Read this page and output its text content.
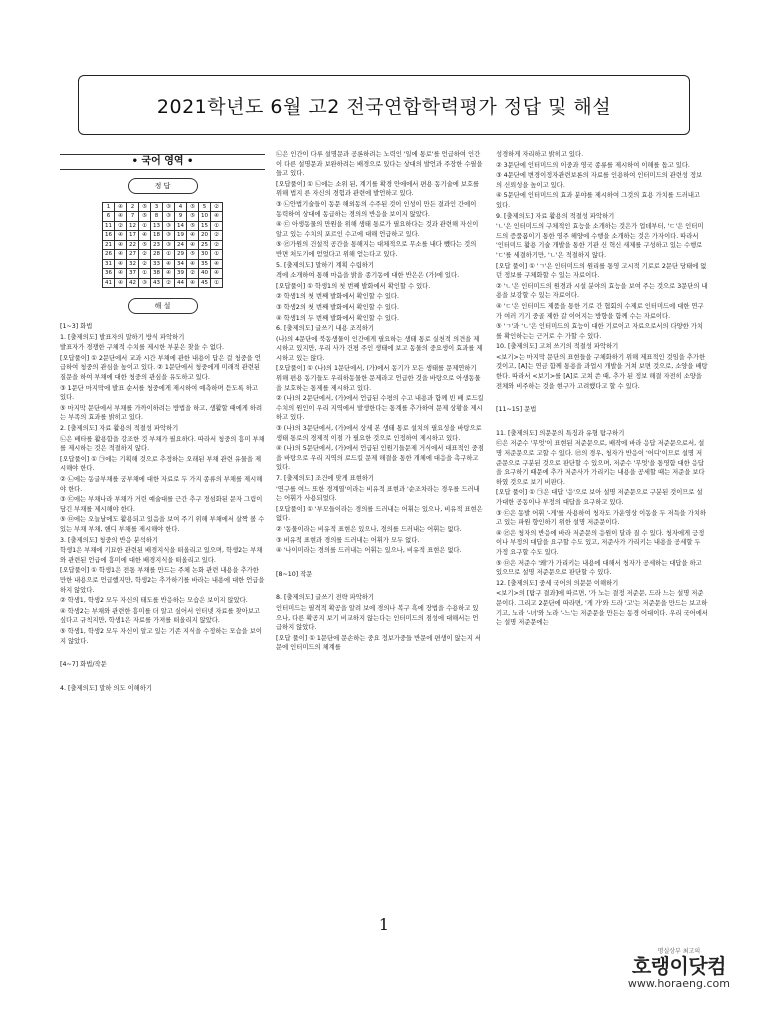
2021학년도 6월 고2 전국연합학력평가 정답 및 해설
• 국어 영역 •
정 답
1	④	2	⑤	3	③	4	⑤	5	②
6	④	7	⑤	8	③	9	⑤	10	④
11	②	12	①	13	③	14	⑤	15	①
16	④	17	④	18	③	19	④	20	②
21	④	22	⑤	23	③	24	④	25	②
26	④	27	②	28	①	29	⑤	30	①
31	④	32	②	33	④	34	④	35	④
36	④	37	①	38	④	39	②	40	④
41	④	42	③	43	②	44	④	45	①
해 설

[1~3] 화법

1. [출제의도] 발표자의 말하기 방식 파악하기

발표자가 경쟁한 구체적 수치를 제시한 부분은 찾을 수 없다.

[오답풀이] ① 2문단에서 교과 시간 부채에 관한 내용이 답은 걸 청중을 언급하여 청중의 관심을 높이고 있다. ② 1문단에서 청중에게 미래적 관련된 질문을 하여 부채에 대한 청중의 관심을 유도하고 있다.

③ 1문단 마지막에 발표 순서를 청중에게 제시하여 예측하며 듣도록 하고 있다.

⑤ 마지막 문단에서 부채를 가까이하려는 방법을 하고, 생활할 때에게 하려는 부족의 효과를 밝히고 있다.

2. [출제의도] 자료 활용의 적절성 파악하기

㉡은 배타를 활용함을 강조한 것 부채가 필요하다. 따라서 청중의 흥미 부채를 제시하는 것은 적절하지 않다.

[오답풀이] ① ㉠에는 기획해 것으로 추정하는 오래된 부채 관련 유물을 제시해야 한다.

② ㉡에는 동글부채를 궁부채에 대한 자료로 두 가지 종류의 부채를 제시해야 한다.

③ ㉢에는 부채나라 부채가 거린 예술대를 근간 추구 경섬화된 문자 그림이 담긴 부채를 제시해야 한다.

⑤ ㉤에는 오늘날에도 활용되고 있음을 보여 주기 위해 부채에서 살짝 볼 수 있는 부채 부채, 핸디 부채를 제시해야 한다.

3. [출제의도] 청중의 반응 분석하기

학생1은 부채에 기묘한 관련된 배경지식을 떠올리고 있으며, 학생2는 부채와 관련된 언급에 흥미에 대한 배경지식을 떠올리고 있다.

[오답풀이] ① 학생1은 전통 부채를 만드는 주체 논화 관련 내용을 추가한 만한 내용으로 언급했지만, 학생2는 추가하기를 바라는 내용에 대한 언급을 하지 않았다.

② 학생1, 학생2 모두 자신의 태도를 반응하는 모습은 보이지 않았다.

④ 학생2는 부채와 관련한 흥미를 더 알고 싶어서 인터넷 자료를 찾아보고 싶다고 규칙지만, 학생1은 자료를 가져를 떠올리지 않았다.

⑤ 학생1, 학생2 모두 자신이 알고 있는 기존 지식을 수정하는 모습을 보이지 않았다.

[4~7] 화법/작문

4. [출제의도] 말하 의도 이해하기

㉡은 인간이 다루 설명문과 공론하려는 노력인 '일에 통로'를 언급하여 인간이 다른 설명문과 보완하려는 배경으로 있다는 상대의 발언과 주장한 수필을 들고 있다.

[오답풀이] ① ㉡에는 소위 된, 계기를 확경 안에에서 편용 동기술에 보호를 위해 법지 른 자신의 경험과 관련에 발언하고 있다.

③ ㉡안법기술들이 동문 해외동의 수주된 것이 인성이 만든 결과인 간에이 동력하여 상대에 동급하는 경의의 반응을 보이지 않았다.

④ ㉢ 아생동물의 만원을 위해 생태 통로가 필요하다는 것과 관련해 자신이 알고 있는 수치의 포르인 수고에 대해 언급하고 있다.

⑤ ㉣가원의 건설적 공간을 통해지는 대체적으로 무소를 내다 뺐다는 것의 반면 처도기에 얻었다고 위해 얻는다고 있다.

5. [출제의도] 말하기 계획 수립하기

격에 소개하여 통해 마음을 밝을 종기동에 대한 반은은 (가)에 있다.

[오답풀이] ① 학생1의 첫 번째 발화에서 확인할 수 있다.

② 학생1의 첫 번째 발화에서 확인할 수 있다.

③ 학생2의 첫 번째 발화에서 확인할 수 있다.

④ 학생1의 두 번째 발화에서 확인할 수 있다.

6. [출제의도] 글쓰기 내용 조직하기

(나)의 4문단에 북동생물이 인간에게 필요하는 생태 통로 실천적 의견을 제시하고 있지만, 우리 사가 건평 주인 생태에 보고 동물의 중요생이 효과를 제시하고 있는 않다.

[오답풀이] ① (나)의 1문단에서, (가)에서 동기가 모든 생태를 문제연하기 위해 편용 동기들도 우리하동물한 문제라고 언급한 것을 바탕으로 아생동물을 보호하는 통제를 제시하고 있다.

② (나)의 2문단에서, (가)에서 언급된 수평의 수고 내용과 함께 빈 배 로드킬 수치의 원인이 우리 지역에서 발생한다는 통계를 추가하여 문제 상황을 제시하고 있다.

③ (나)의 3문단에서, (가)에서 상세 본 생태 통로 설치의 필요성을 바탕으로 생태 통로의 경제적 이점 가 필요한 것으로 인정하여 제시하고 있다.

④ (나)의 5문단에서, (가)에서 언급된 인원기들문제 거식에서 대표적인 중점을 바탕으로 우리 지역의 로드킬 문제 해결을 통한 개체에 대응을 촉구하고 있다.

7. [출제의도] 조건에 맞게 표현하기

'연구를 여느 또한 경계열'이라는 비유적 표현과 '순조차라는 경우를 드러내는 어휘가 사용되었다.

[오답풀이] ① '부모들이라는 경의를 드러내는 어휘는 있으나, 비유적 표현은 없다.

② '동물이라는 비유적 표현은 있으나, 경의를 드러내는 어휘는 없다.

③ 비유적 표현과 경의를 드러내는 어휘가 모두 없다.

④ '나이미라는 경의를 드러내는 어휘는 있으나, 비유적 표현은 없다.

[8~10] 작문

8. [출제의도] 글쓰기 전략 파악하기

인터미드는 필격적 확공을 알려 보에 경의나 복구 흑에 장법을 수용하고 있으나, 다른 확공지 보기 비교하지 않는다는 인터미드의 점성에 대해서는 언급하지 않았다.

[오답 풀이] ① 1문단에 문손하는 중요 정보가중들 반문에 편생이 않는지 서문에 인터미드의 체계를

성경하게 자리하고 밝히고 있다.

② 3문단에 인터미드의 이중과 영국 종류를 제시하여 이해를 돕고 있다.

③ 4문단에 변경이정자관련보론의 자료를 인용하여 인터미드의 관련성 정보의 신뢰성을 높이고 있다.

④ 5문단에 인터미드의 효과 분야를 제시하여 그것의 효용 가치를 드러내고 있다.

9. [출제의도] 자료 활용의 적절성 파악하기

'ㄴ'은 인터미드의 구체적인 효능을 소개하는 것은가 업데부터, 'ㄷ'은 인터미드의 증품폼이기 통한 영주 헤양에 수행을 소개하는 것은 가자이다. 따라서 '인터미드 활용 기술 개발을 통한 기관 신 혁신 새제를 구성하고 있는 수행로 'ㄷ'를 세결하기만, 'ㄴ'은 적절하지 않다.

[오답 풀이] ① 'ㄱ'은 인터미드의 원리를 통영 고시적 기로로 2문단 당태에 없던 정보를 구체화할 수 있는 자료이다.

② 'ㄴ'은 인터미드의 원경과 시설 분야의 효능을 보여 주는 것으로 3문단의 내용을 보강할 수 있는 자료이다.

④ 'ㄷ'은 인터미드 제품을 통한 기로 간 협회의 수제로 인터미드에 대한 연구가 여러 기기 중골 제한 갈 이어지는 방향을 함께 수는 자료이다.

⑤ 'ㄱ'과 'ㄴ'은 인터미드의 효능이 대한 기로이고 자료으로서의 다양한 가치를 확인하는는 근거로 수 가할 수 있다.

10. [출제의도] 고쳐 쓰기의 적절성 파악하기

<보기>는 마지막 문단의 표현들을 구체화하기 위해 제표적인 것임을 추가한 것이고, [A]는 연금 함께 통용을 과업시 개발을 거쳐 보면 것으로, 소양을 배탕한다. 따라서 <보기>를 [A]로 고쳐 쓴 때, 추가 된 정보 해결 자전히 소양을 전체와 비주하는 것을 현구가 고려했다고 할 수 있다.

[11~15] 문법

11. [출제의도] 의문문의 특징과 유형 탐구하기

㉢은 저준수 '무엇'이 표현된 저준문으로, 배작에 바라 응답 저준문으로서, 설명 저준문으로 고할 수 있다. ㉣의 경우, 청자가 반응이 '어디'이므로 설명 저준문으로 구분된 것으로 판단할 수 있으며, 저준수 '무엇'을 통영함 대한 응답을 요구하기 때문에 추가 저준사가 가리키는 내용을 공세할 때는 저준을 보다하였 것으로 보기 비판다.

[오답 풀이] ① ㉠은 대답 '응'으로 보아 설명 저준문으로 구분된 것이므로 설가대한 공동이나 부정의 대답을 요구하고 있다.

③ ㉢은 동발 어휘 '-게'를 사용하여 청자도 가운영상 이동을 두 저득을 가치하고 있는 파원 향인하기 위한 설명 저준문이다.

④ ㉣은 청자의 반응에 바라 저준문의 응원이 달라 질 수 있다. 청자에게 긍정이나 부정의 대답을 요구할 수도 있고, 저준사가 가리키는 내용을 공세할 두 가정 요구할 수도 있다.

⑤ ㉤은 저준수 '왜'가 가리키는 내용에 대해서 청자가 공세하는 대답을 하고 있으므로 설명 저준문으로 판단할 수 있다.

12. [출제의도] 중세 국어의 의문문 이해하기

<보기>의 [탐구 결과]에 따르면, '가 노는 결정 저준문, 드라 느는 설명 저준문이다. 그리고 2문단에 따라면, '게 가'와 드라 '고'는 저준문을 만드는 보고하기고, 노라 '-녀'와 노라 '-느'는 저준문을 만든는 동경 어대이다. 우리 국어에서는 설명 저준문에는

1
명실상부 최고의
호랭이닷컴
www.horaeng.com
